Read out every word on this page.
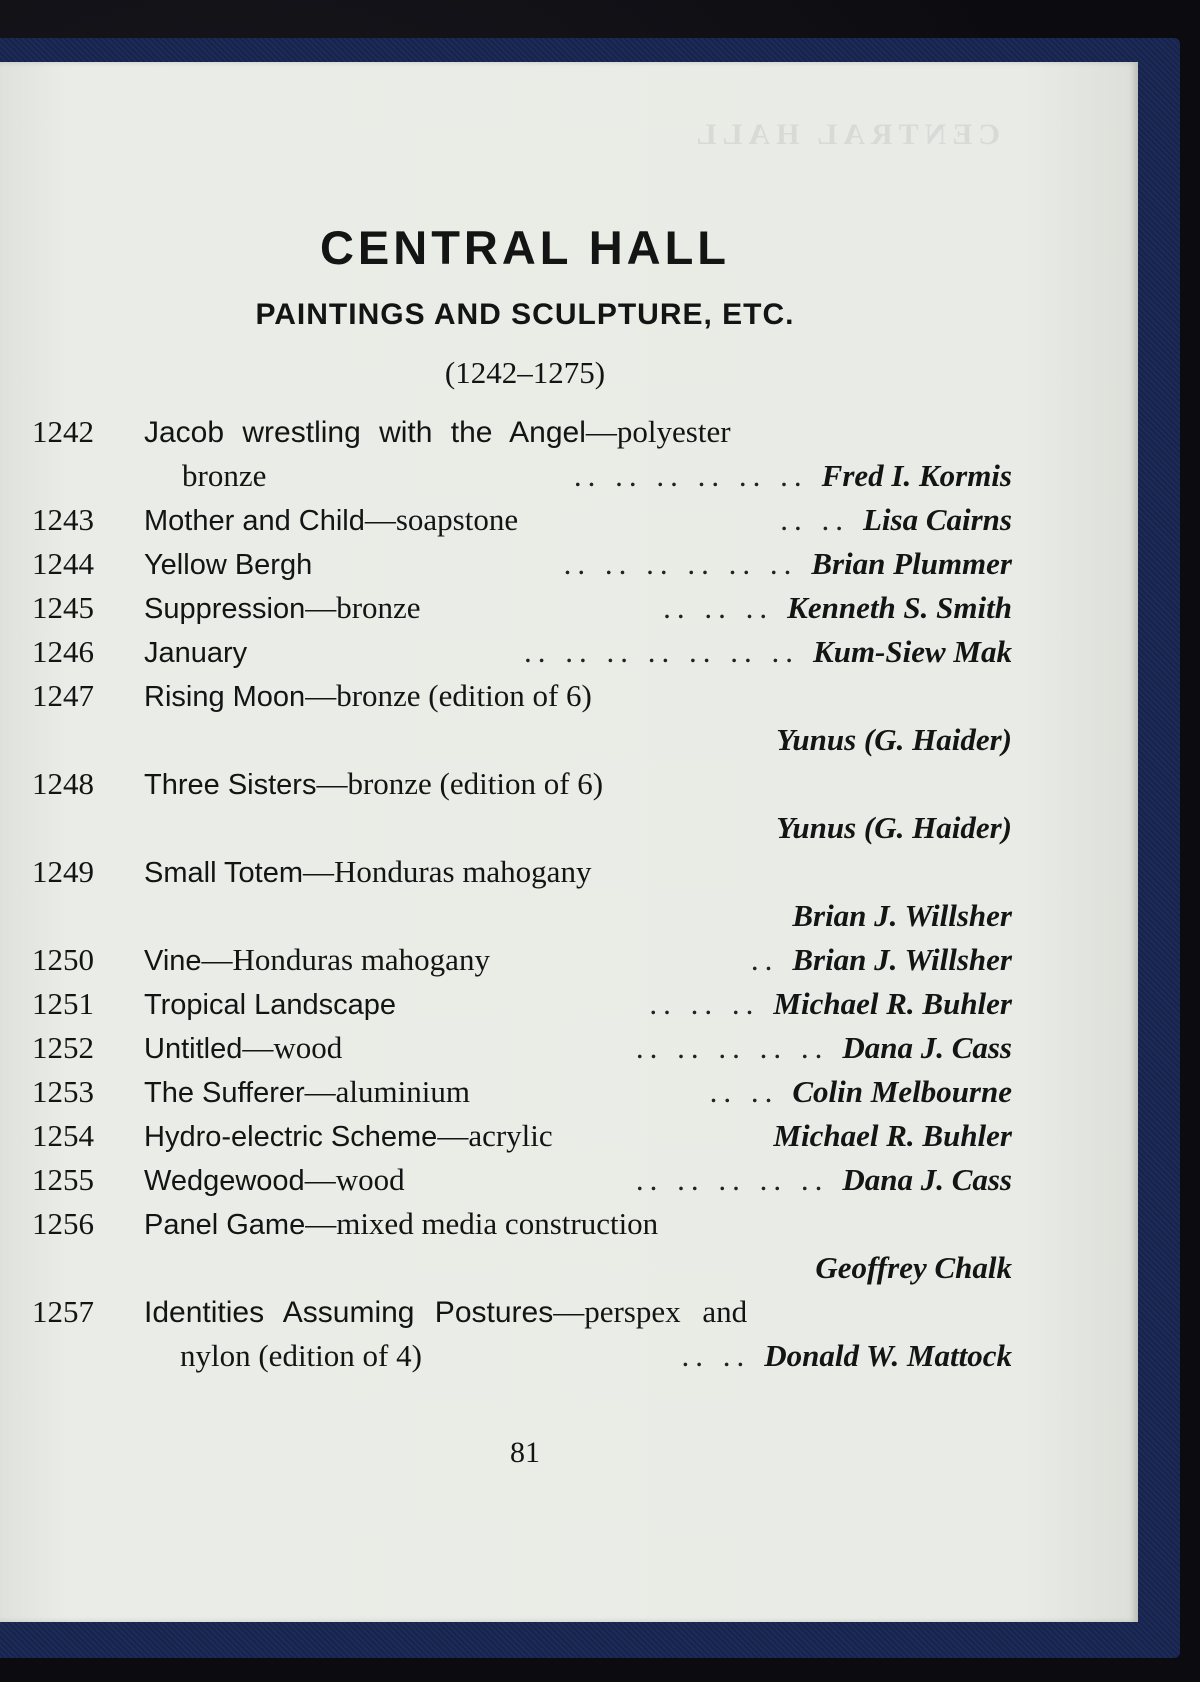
CENTRAL HALL
CENTRAL HALL
PAINTINGS AND SCULPTURE, ETC.
(1242–1275)
1242	Jacob wrestling with the Angel —polyester
bronze	.. .. .. .. .. .. Fred I. Kormis
1243	Mother and Child —soapstone	.. .. Lisa Cairns
1244	Yellow Bergh	.. .. .. .. .. .. Brian Plummer
1245	Suppression —bronze	.. .. .. Kenneth S. Smith
1246	January	.. .. .. .. .. .. .. Kum-Siew Mak
1247	Rising Moon —bronze (edition of 6)
Yunus (G. Haider)
1248	Three Sisters —bronze (edition of 6)
Yunus (G. Haider)
1249	Small Totem —Honduras mahogany
Brian J. Willsher
1250	Vine —Honduras mahogany	.. Brian J. Willsher
1251	Tropical Landscape	.. .. .. Michael R. Buhler
1252	Untitled —wood	.. .. .. .. .. Dana J. Cass
1253	The Sufferer —aluminium	.. .. Colin Melbourne
1254	Hydro-electric Scheme —acrylic	Michael R. Buhler
1255	Wedgewood —wood	.. .. .. .. .. Dana J. Cass
1256	Panel Game —mixed media construction
Geoffrey Chalk
1257	Identities Assuming Postures —perspex and
nylon (edition of 4)	.. .. Donald W. Mattock
81
